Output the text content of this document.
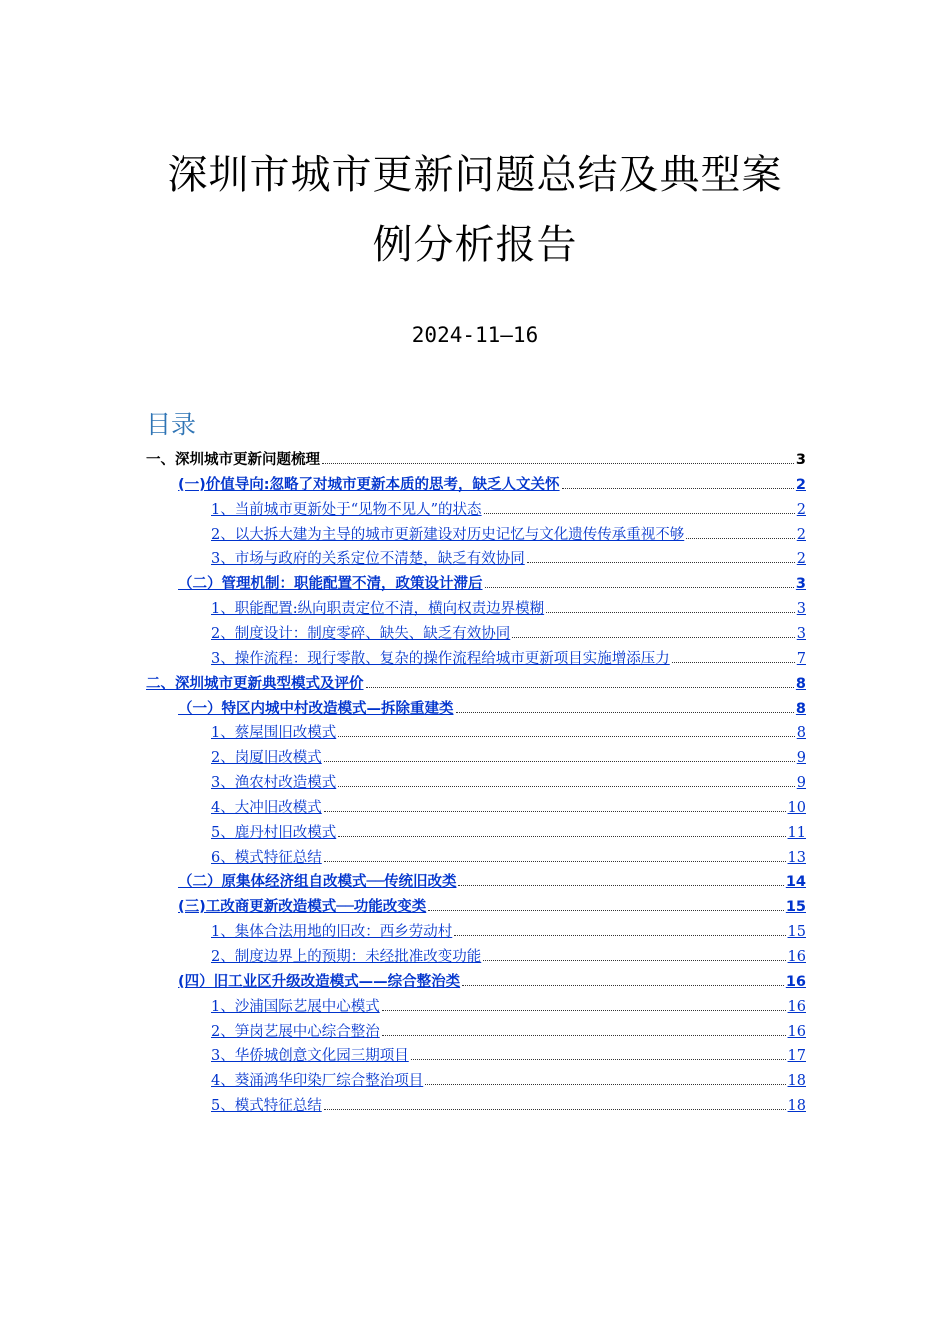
深圳市城市更新问题总结及典型案
例分析报告
2024-11—16
目录
一、深圳城市更新问题梳理	3
(一)价值导向:忽略了对城市更新本质的思考，缺乏人文关怀	2
1、当前城市更新处于“见物不见人”的状态	2
2、以大拆大建为主导的城市更新建设对历史记忆与文化遗传传承重视不够	2
3、市场与政府的关系定位不清楚，缺乏有效协同	2
（二）管理机制：职能配置不清，政策设计滞后	3
1、职能配置:纵向职责定位不清，横向权责边界模糊	3
2、制度设计：制度零碎、缺失、缺乏有效协同	3
3、操作流程：现行零散、复杂的操作流程给城市更新项目实施增添压力	7
二、深圳城市更新典型模式及评价	8
（一）特区内城中村改造模式—拆除重建类	8
1、蔡屋围旧改模式	8
2、岗厦旧改模式	9
3、渔农村改造模式	9
4、大冲旧改模式	10
5、鹿丹村旧改模式	11
6、模式特征总结	13
（二）原集体经济组自改模式──传统旧改类	14
(三)工改商更新改造模式──功能改变类	15
1、集体合法用地的旧改：西乡劳动村	15
2、制度边界上的预期：未经批准改变功能	16
(四）旧工业区升级改造模式——综合整治类	16
1、沙浦国际艺展中心模式	16
2、笋岗艺展中心综合整治	16
3、华侨城创意文化园三期项目	17
4、葵涌鸿华印染厂综合整治项目	18
5、模式特征总结	18
